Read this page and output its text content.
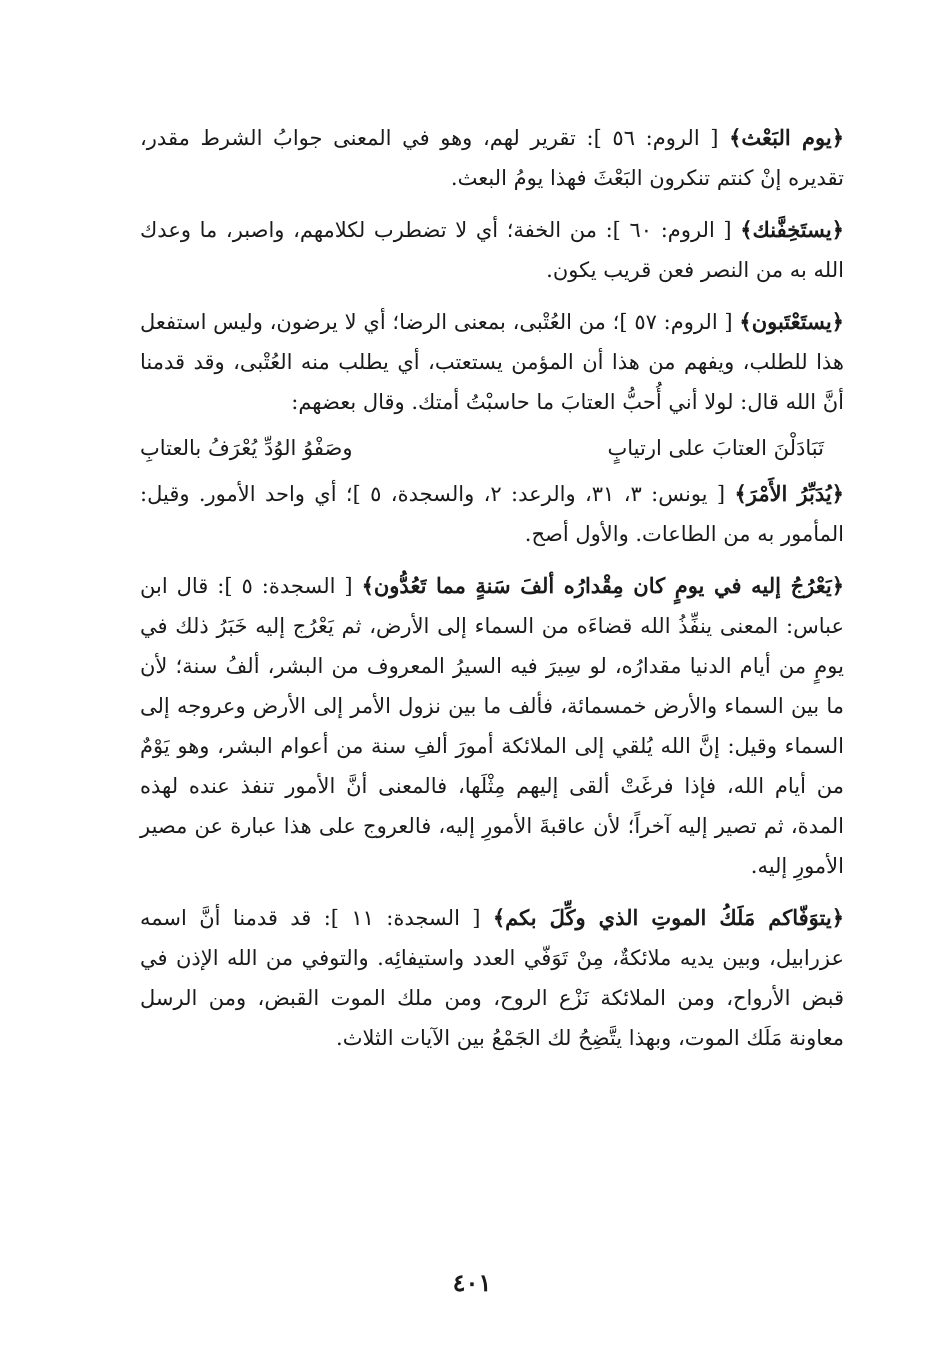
﴿يوم البَعْث﴾ [ الروم: ٥٦ ]: تقرير لهم، وهو في المعنى جوابُ الشرط مقدر، تقديره إنْ كنتم تنكرون البَعْثَ فهذا يومُ البعث.

﴿يستَخِفَّنك﴾ [ الروم: ٦٠ ]: من الخفة؛ أي لا تضطرب لكلامهم، واصبر، ما وعدك الله به من النصر فعن قريب يكون.

﴿يستَعْتَبون﴾ [ الروم: ٥٧ ]؛ من العُتْبى، بمعنى الرضا؛ أي لا يرضون، وليس استفعل هذا للطلب، ويفهم من هذا أن المؤمن يستعتب، أي يطلب منه العُتْبى، وقد قدمنا أنَّ الله قال: لولا أني أُحبُّ العتابَ ما حاسبْتُ أمتك. وقال بعضهم:

تَبَادَلْنَ العتابَ على ارتيابٍ
وصَفْوُ الوُدِّ يُعْرَفُ بالعتابِ

﴿يُدَبِّرُ الأَمْرَ﴾ [ يونس: ٣، ٣١، والرعد: ٢، والسجدة، ٥ ]؛ أي واحد الأمور. وقيل: المأمور به من الطاعات. والأول أصح.

﴿يَعْرُجُ إليه في يومٍ كان مِقْدارُه ألفَ سَنةٍ مما تَعُدُّون﴾ [ السجدة: ٥ ]: قال ابن عباس: المعنى ينفِّذُ الله قضاءَه من السماء إلى الأرض، ثم يَعْرُج إليه خَبَرُ ذلك في يومٍ من أيام الدنيا مقدارُه، لو سِيرَ فيه السيرُ المعروف من البشر، ألفُ سنة؛ لأن ما بين السماء والأرض خمسمائة، فألف ما بين نزول الأمر إلى الأرض وعروجه إلى السماء وقيل: إنَّ الله يُلقي إلى الملائكة أمورَ ألفِ سنة من أعوام البشر، وهو يَوْمٌ من أيام الله، فإذا فرغَتْ ألقى إليهم مِثْلَها، فالمعنى أنَّ الأمور تنفذ عنده لهذه المدة، ثم تصير إليه آخراً؛ لأن عاقبةَ الأمورِ إليه، فالعروج على هذا عبارة عن مصير الأمورِ إليه.

﴿يتوَفّاكم مَلَكُ الموتِ الذي وكِّلَ بكم﴾ [ السجدة: ١١ ]: قد قدمنا أنَّ اسمه عزرابيل، وبين يديه ملائكةٌ، مِنْ تَوَفّي العدد واستيفائِه. والتوفي من الله الإذن في قبض الأرواح، ومن الملائكة نَزْع الروح، ومن ملك الموت القبض، ومن الرسل معاونة مَلَك الموت، وبهذا يتَّضِحُ لك الجَمْعُ بين الآيات الثلاث.

٤٠١
